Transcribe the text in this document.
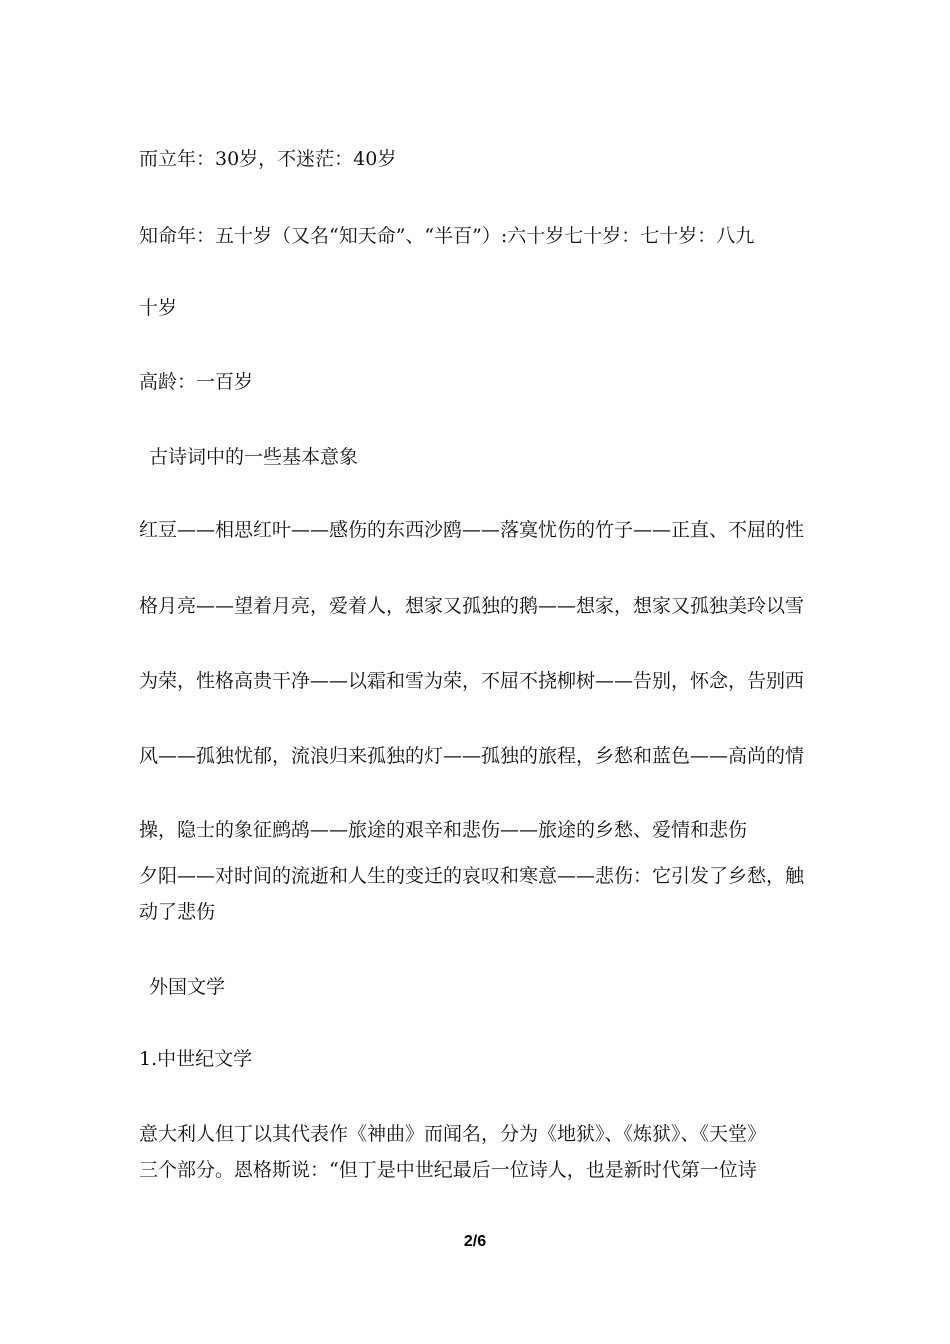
而立年：30岁，不迷茫：40岁
知命年：五十岁（又名“知天命”、“半百”）:六十岁七十岁：七十岁：八九
十岁
高龄：一百岁
古诗词中的一些基本意象
红豆——相思红叶——感伤的东西沙鸥——落寞忧伤的竹子——正直、不屈的性
格月亮——望着月亮，爱着人，想家又孤独的鹅——想家，想家又孤独美玲以雪
为荣，性格高贵干净——以霜和雪为荣，不屈不挠柳树——告别，怀念，告别西
风——孤独忧郁，流浪归来孤独的灯——孤独的旅程，乡愁和蓝色——高尚的情
操，隐士的象征鹧鸪——旅途的艰辛和悲伤——旅途的乡愁、爱情和悲伤
夕阳——对时间的流逝和人生的变迁的哀叹和寒意——悲伤：它引发了乡愁，触
动了悲伤
外国文学
1.中世纪文学
意大利人但丁以其代表作《神曲》而闻名，分为《地狱》、《炼狱》、《天堂》
三个部分。恩格斯说：“但丁是中世纪最后一位诗人，也是新时代第一位诗
2/6
